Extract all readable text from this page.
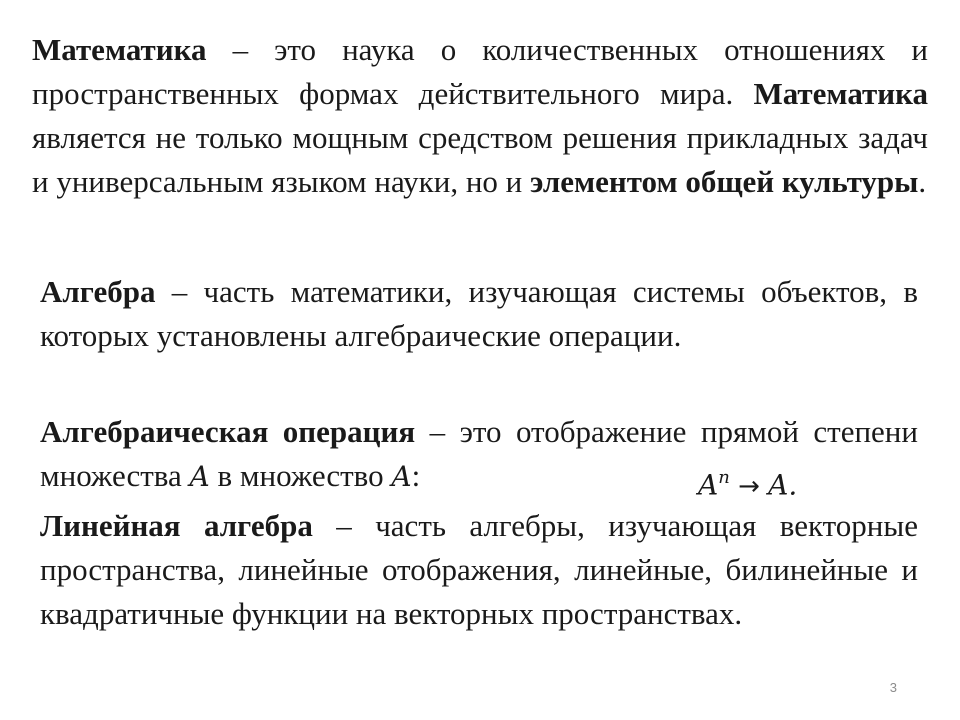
Математика – это наука о количественных отношениях и пространственных формах действительного мира. Математика является не только мощным средством решения прикладных задач и универсальным языком науки, но и элементом общей культуры.

Алгебра – часть математики, изучающая системы объектов, в которых установлены алгебраические операции.

Алгебраическая операция – это отображение прямой степени множества A в множество A:	$A^n \to A$.

Линейная алгебра – часть алгебры, изучающая векторные пространства, линейные отображения, линейные, билинейные и квадратичные функции на векторных пространствах.

3
